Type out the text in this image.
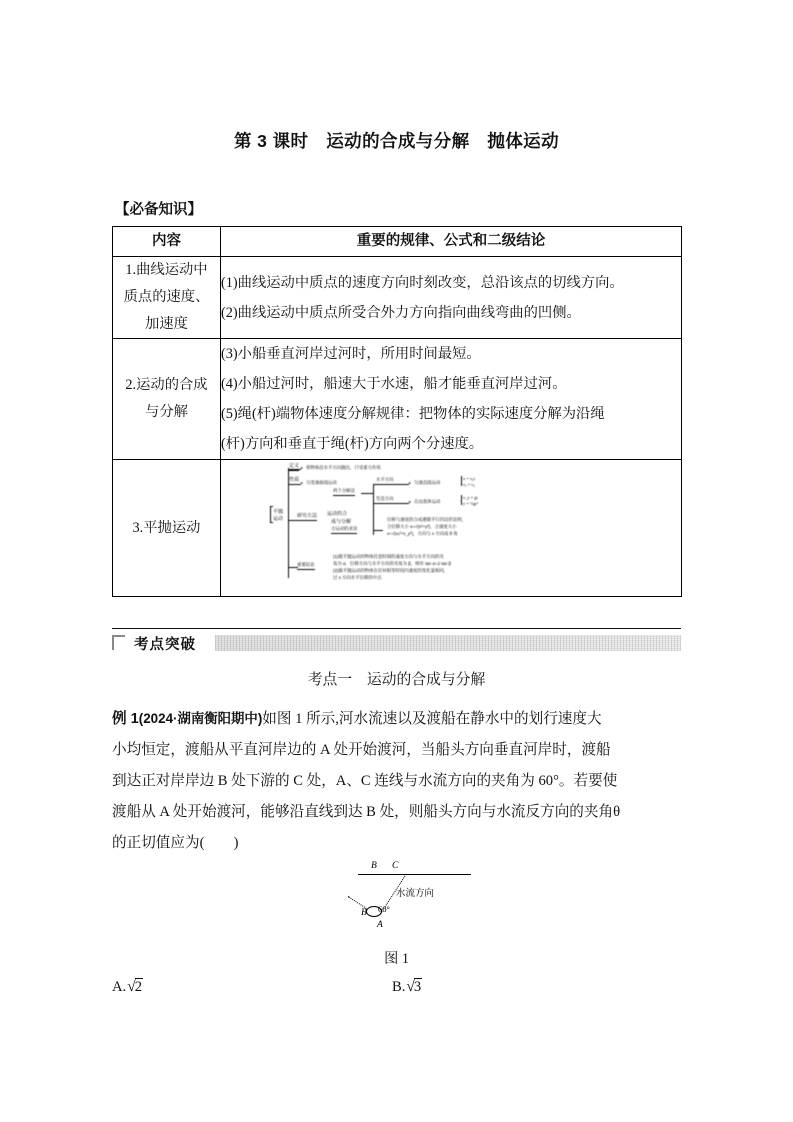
第 3 课时　运动的合成与分解　抛体运动
【必备知识】
内容	重要的规律、公式和二级结论

1.曲线运动中
质点的速度、
加速度	(1)曲线运动中质点的速度方向时刻改变，总沿该点的切线方向。
(2)曲线运动中质点所受合外力方向指向曲线弯曲的凹侧。

2.运动的合成
与分解	(3)小船垂直河岸过河时，所用时间最短。
(4)小船过河时，船速大于水速，船才能垂直河岸过河。
(5)绳(杆)端物体速度分解规律：把物体的实际速度分解为沿绳
(杆)方向和垂直于绳(杆)方向两个分速度。

3.平抛运动

平抛
运动
定义 将物体沿水平方向抛出，只受重力作用
性质 匀变速曲线运动
研究方法 运动的合
成与分解
两个分解法
水平方向
匀速直线运动
x = v₀t
vₓ = v₀
竖直方向
自由落体运动
v_y = gt
y = ½gt²
合运动的求法
位移与速度的合成遵循平行四边形法则，
合位移大小 s=√(x²+y²)，合速度大小
v=√(vₓ²+v_y²)，方向与 x 方向成 θ 角
重要结论
(1)做平抛运动的物体任意时刻的速度方向与水平方向的夹
角为 α，位移方向与水平方向的夹角为 β，则有 tan α=2 tan β
(2)做平抛运动的物体在任何相等时间内速度的变化量相同，
过 x 方向水平位移的中点
考点突破
考点一　运动的合成与分解
例 1(2024·湖南衡阳期中)如图 1 所示,河水流速以及渡船在静水中的划行速度大
小均恒定，渡船从平直河岸边的 A 处开始渡河，当船头方向垂直河岸时，渡船
到达正对岸岸边 B 处下游的 C 处，A、C 连线与水流方向的夹角为 60°。若要使
渡船从 A 处开始渡河，能够沿直线到达 B 处，则船头方向与水流反方向的夹角θ
的正切值应为(　　)
B C
水流方向
60°
A
B
图 1
A.√2	B.√3
